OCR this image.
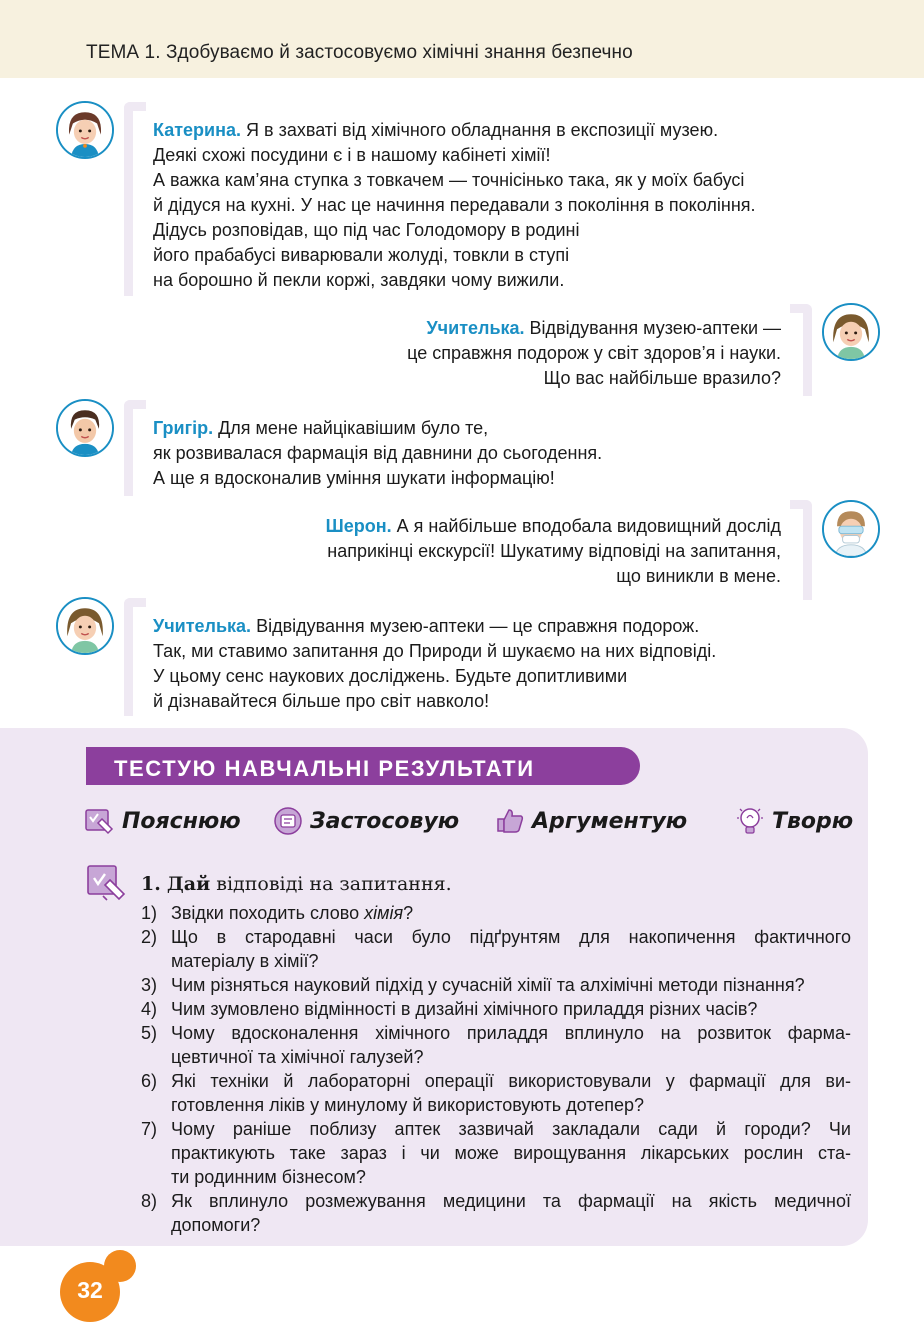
ТЕМА 1. Здобуваємо й застосовуємо хімічні знання безпечно
Катерина. Я в захваті від хімічного обладнання в експозиції музею.
Деякі схожі посудини є і в нашому кабінеті хімії!
А важка кам’яна ступка з товкачем — точнісінько така, як у моїх бабусі
й дідуся на кухні. У нас це начиння передавали з покоління в покоління.
Дідусь розповідав, що під час Голодомору в родині
його прабабусі виварювали жолуді, товкли в ступі
на борошно й пекли коржі, завдяки чому вижили.
Учителька. Відвідування музею-аптеки —
це справжня подорож у світ здоров’я і науки.
Що вас найбільше вразило?
Григір. Для мене найцікавішим було те,
як розвивалася фармація від давнини до сьогодення.
А ще я вдосконалив уміння шукати інформацію!
Шерон. А я найбільше вподобала видовищний дослід
наприкінці екскурсії! Шукатиму відповіді на запитання,
що виникли в мене.
Учителька. Відвідування музею-аптеки — це справжня подорож.
Так, ми ставимо запитання до Природи й шукаємо на них відповіді.
У цьому сенс наукових досліджень. Будьте допитливими
й дізнавайтеся більше про світ навколо!
ТЕСТУЮ НАВЧАЛЬНІ РЕЗУЛЬТАТИ
Пояснюю	Застосовую	Аргументую	Творю
1. Дай відповіді на запитання.
1) Звідки походить слово хімія?
2) Що в стародавні часи було підґрунтям для накопичення фактичного
матеріалу в хімії?
3) Чим різняться науковий підхід у сучасній хімії та алхімічні методи пізнання?
4) Чим зумовлено відмінності в дизайні хімічного приладдя різних часів?
5) Чому вдосконалення хімічного приладдя вплинуло на розвиток фарма-
цевтичної та хімічної галузей?
6) Які техніки й лабораторні операції використовували у фармації для ви-
готовлення ліків у минулому й використовують дотепер?
7) Чому раніше поблизу аптек зазвичай закладали сади й городи? Чи
практикують таке зараз і чи може вирощування лікарських рослин ста-
ти родинним бізнесом?
8) Як вплинуло розмежування медицини та фармації на якість медичної
допомоги?
32
